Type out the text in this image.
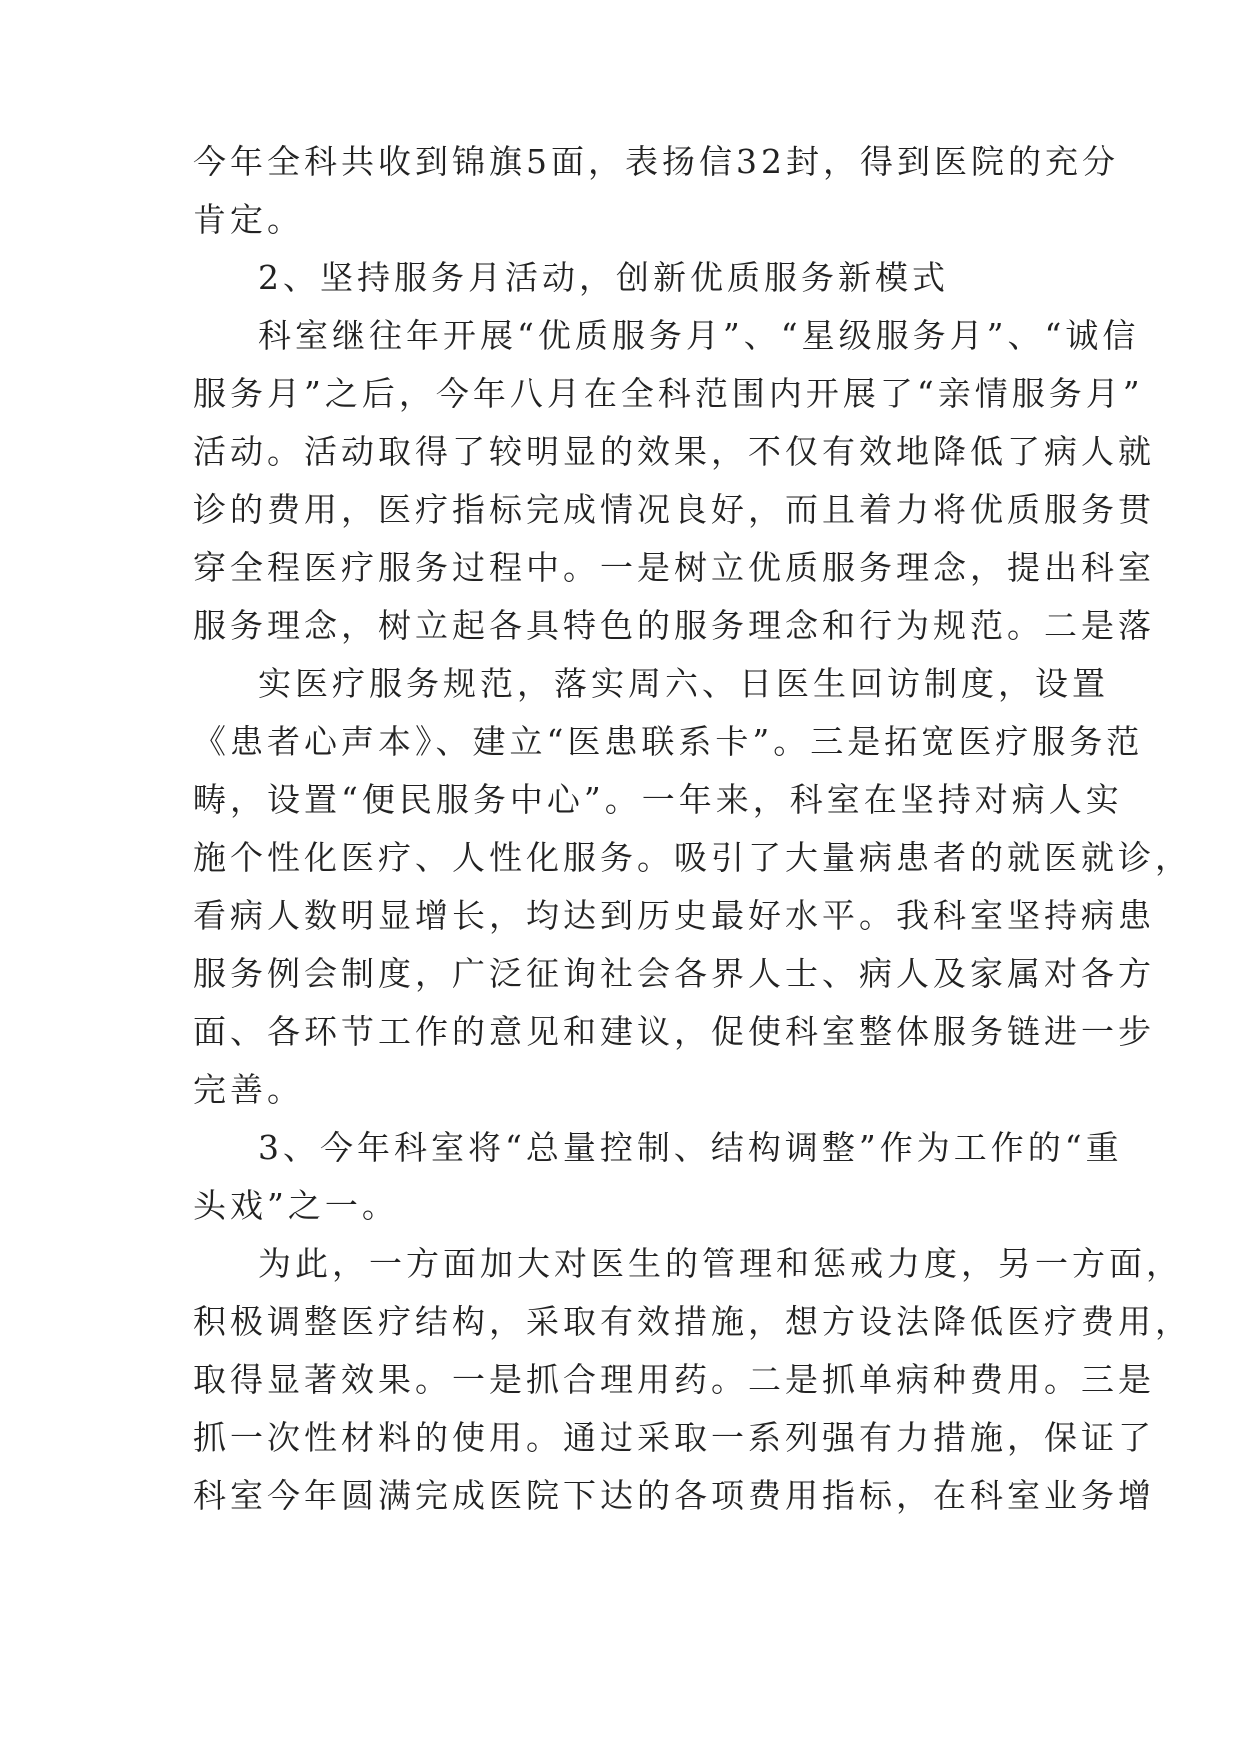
今年全科共收到锦旗5面，表扬信32封，得到医院的充分
肯定。
2、坚持服务月活动，创新优质服务新模式
科室继往年开展“优质服务月”、“星级服务月”、“诚信
服务月”之后，今年八月在全科范围内开展了“亲情服务月”
活动。活动取得了较明显的效果，不仅有效地降低了病人就
诊的费用，医疗指标完成情况良好，而且着力将优质服务贯
穿全程医疗服务过程中。一是树立优质服务理念，提出科室
服务理念，树立起各具特色的服务理念和行为规范。二是落
实医疗服务规范，落实周六、日医生回访制度，设置
《患者心声本》、建立“医患联系卡”。三是拓宽医疗服务范
畴，设置“便民服务中心”。一年来，科室在坚持对病人实
施个性化医疗、人性化服务。吸引了大量病患者的就医就诊，
看病人数明显增长，均达到历史最好水平。我科室坚持病患
服务例会制度，广泛征询社会各界人士、病人及家属对各方
面、各环节工作的意见和建议，促使科室整体服务链进一步
完善。
3、今年科室将“总量控制、结构调整”作为工作的“重
头戏”之一。
为此，一方面加大对医生的管理和惩戒力度，另一方面，
积极调整医疗结构，采取有效措施，想方设法降低医疗费用，
取得显著效果。一是抓合理用药。二是抓单病种费用。三是
抓一次性材料的使用。通过采取一系列强有力措施，保证了
科室今年圆满完成医院下达的各项费用指标，在科室业务增
